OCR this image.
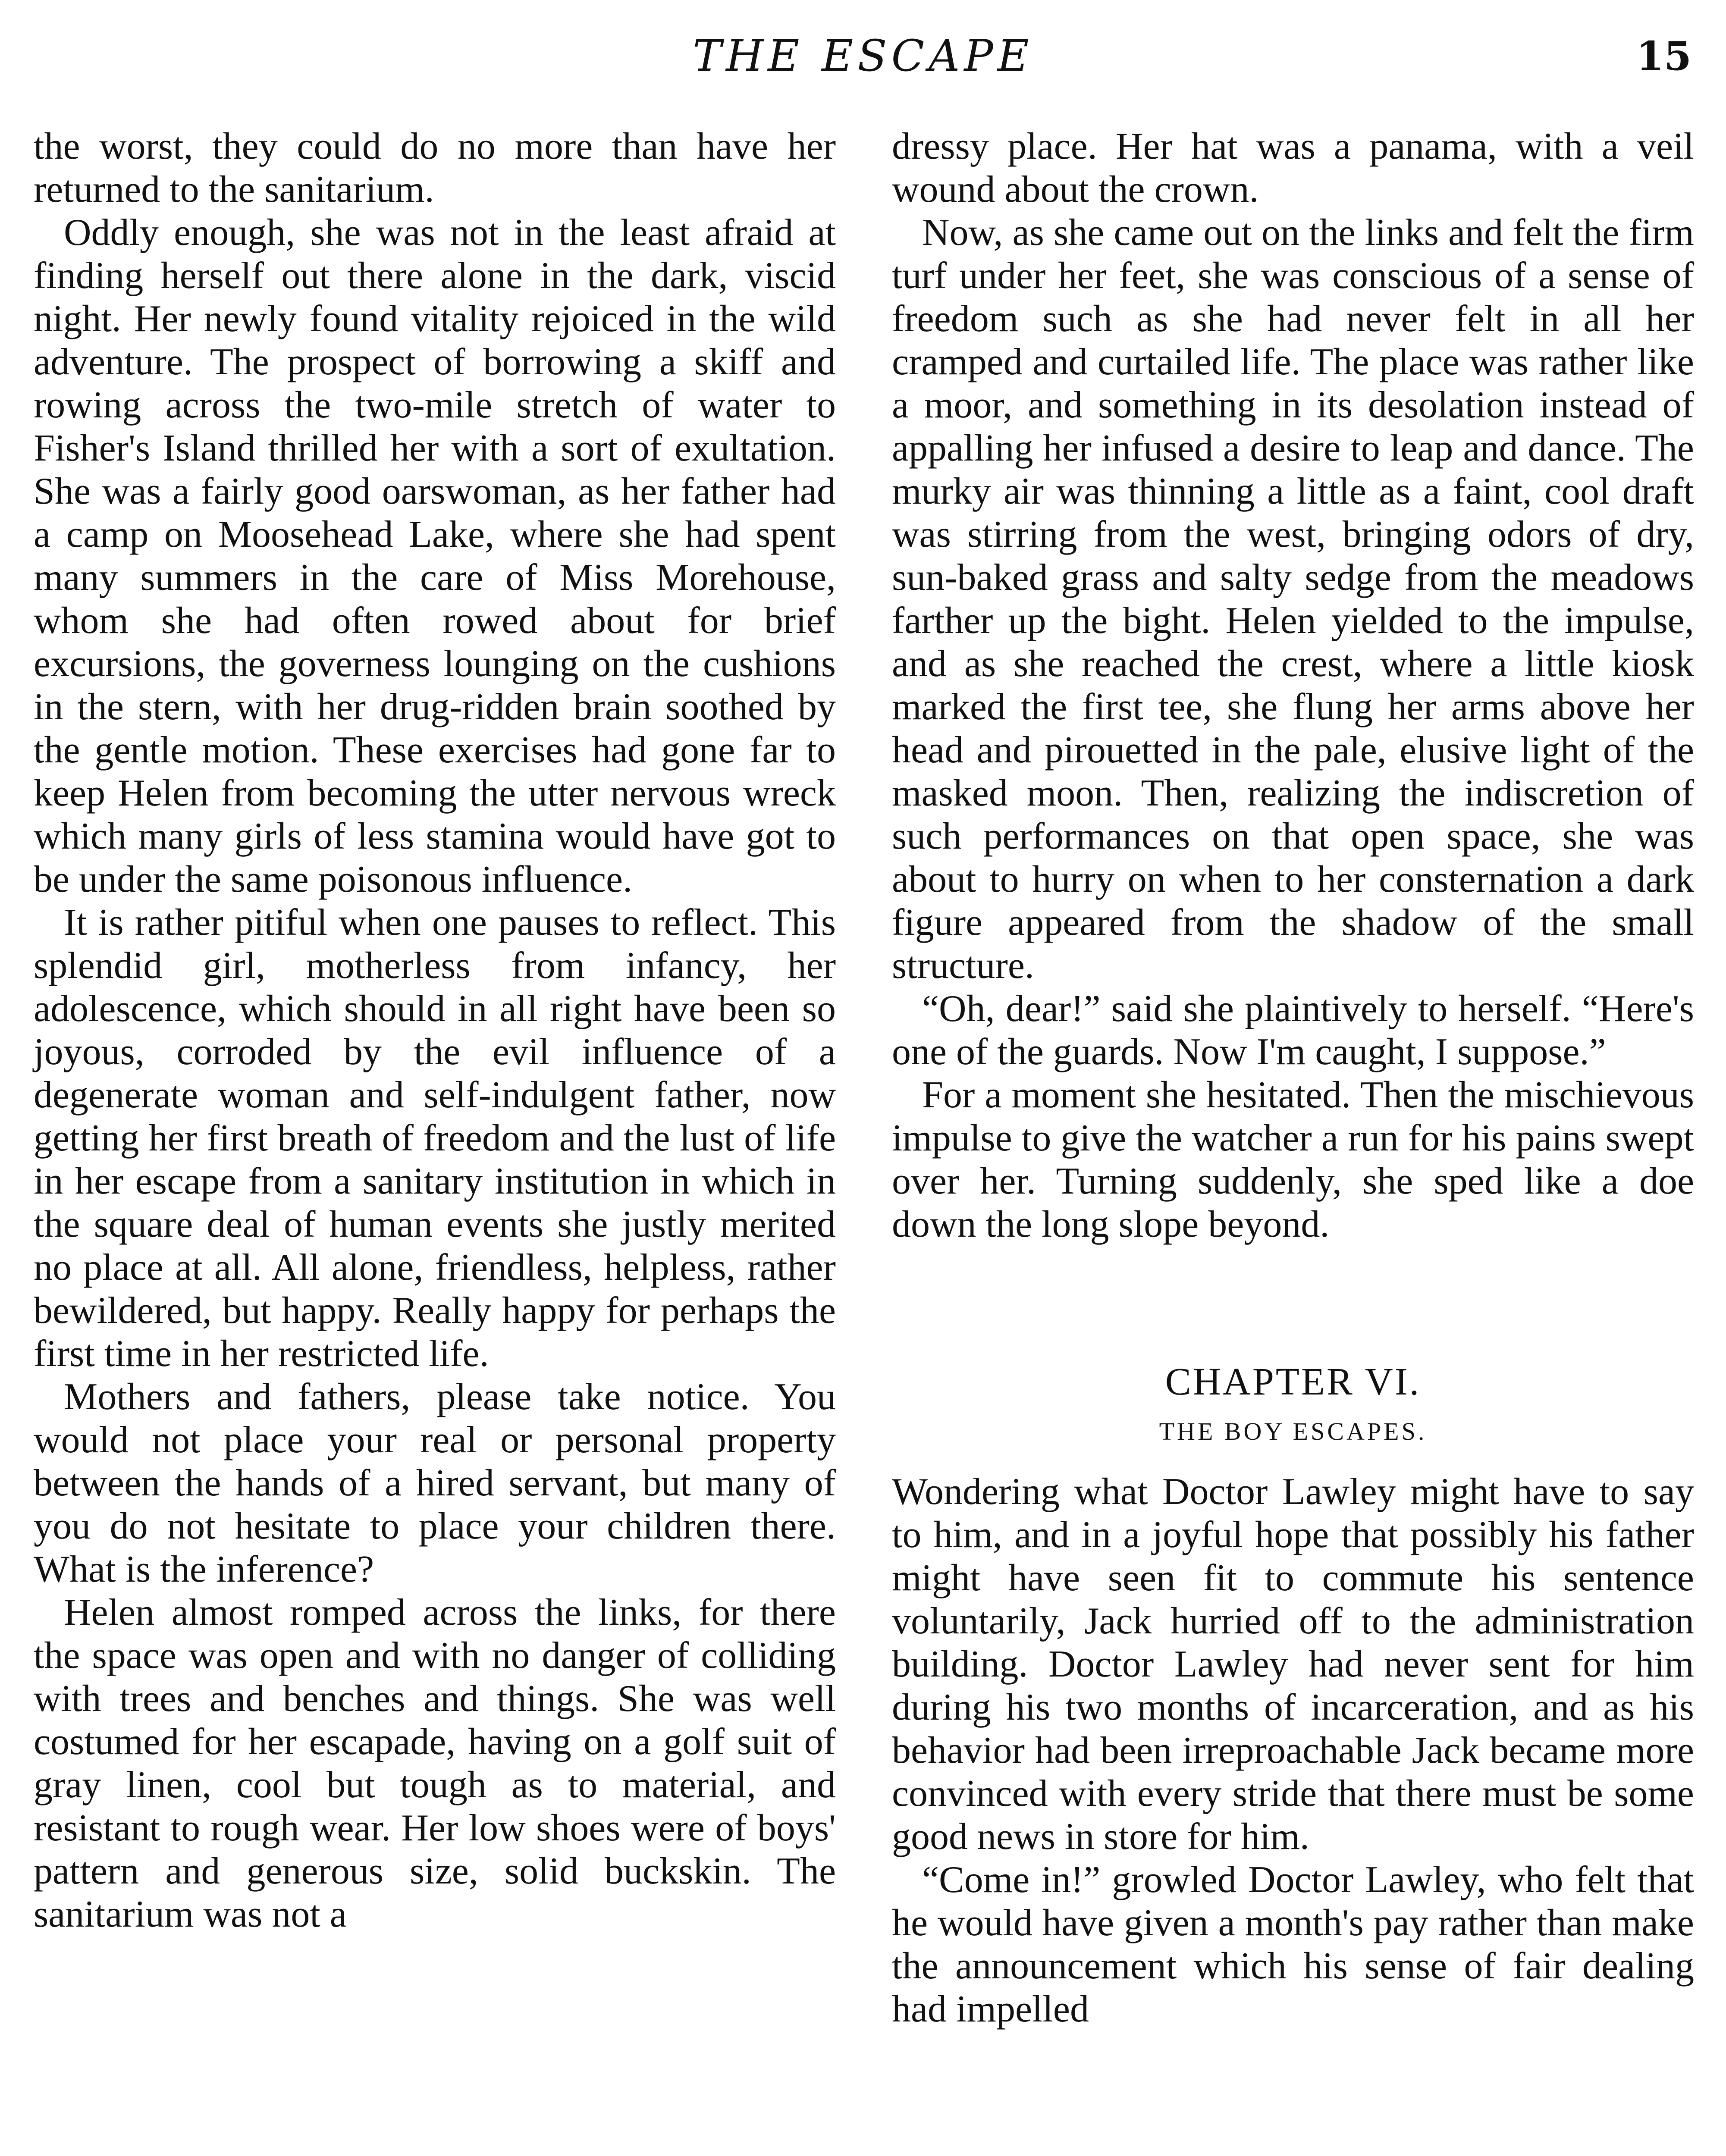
THE ESCAPE	15

the worst, they could do no more than have her returned to the sanitarium.

Oddly enough, she was not in the least afraid at finding herself out there alone in the dark, viscid night. Her newly found vitality rejoiced in the wild adventure. The prospect of borrowing a skiff and rowing across the two-mile stretch of water to Fisher's Island thrilled her with a sort of exultation. She was a fairly good oarswoman, as her father had a camp on Moosehead Lake, where she had spent many summers in the care of Miss Morehouse, whom she had often rowed about for brief excursions, the governess lounging on the cushions in the stern, with her drug-ridden brain soothed by the gentle motion. These exercises had gone far to keep Helen from becoming the utter nervous wreck which many girls of less stamina would have got to be under the same poisonous influence.

It is rather pitiful when one pauses to reflect. This splendid girl, motherless from infancy, her adolescence, which should in all right have been so joyous, corroded by the evil influence of a degenerate woman and self-indulgent father, now getting her first breath of freedom and the lust of life in her escape from a sanitary institution in which in the square deal of human events she justly merited no place at all. All alone, friendless, helpless, rather bewildered, but happy. Really happy for perhaps the first time in her restricted life.

Mothers and fathers, please take notice. You would not place your real or personal property between the hands of a hired servant, but many of you do not hesitate to place your children there. What is the inference?

Helen almost romped across the links, for there the space was open and with no danger of colliding with trees and benches and things. She was well costumed for her escapade, having on a golf suit of gray linen, cool but tough as to material, and resistant to rough wear. Her low shoes were of boys' pattern and generous size, solid buckskin. The sanitarium was not a

dressy place. Her hat was a panama, with a veil wound about the crown.

Now, as she came out on the links and felt the firm turf under her feet, she was conscious of a sense of freedom such as she had never felt in all her cramped and curtailed life. The place was rather like a moor, and something in its desolation instead of appalling her infused a desire to leap and dance. The murky air was thinning a little as a faint, cool draft was stirring from the west, bringing odors of dry, sun-baked grass and salty sedge from the meadows farther up the bight. Helen yielded to the impulse, and as she reached the crest, where a little kiosk marked the first tee, she flung her arms above her head and pirouetted in the pale, elusive light of the masked moon. Then, realizing the indiscretion of such performances on that open space, she was about to hurry on when to her consternation a dark figure appeared from the shadow of the small structure.

“Oh, dear!” said she plaintively to herself. “Here's one of the guards. Now I'm caught, I suppose.”

For a moment she hesitated. Then the mischievous impulse to give the watcher a run for his pains swept over her. Turning suddenly, she sped like a doe down the long slope beyond.

CHAPTER VI.
THE BOY ESCAPES.

Wondering what Doctor Lawley might have to say to him, and in a joyful hope that possibly his father might have seen fit to commute his sentence voluntarily, Jack hurried off to the administration building. Doctor Lawley had never sent for him during his two months of incarceration, and as his behavior had been irreproachable Jack became more convinced with every stride that there must be some good news in store for him.

“Come in!” growled Doctor Lawley, who felt that he would have given a month's pay rather than make the announcement which his sense of fair dealing had impelled
